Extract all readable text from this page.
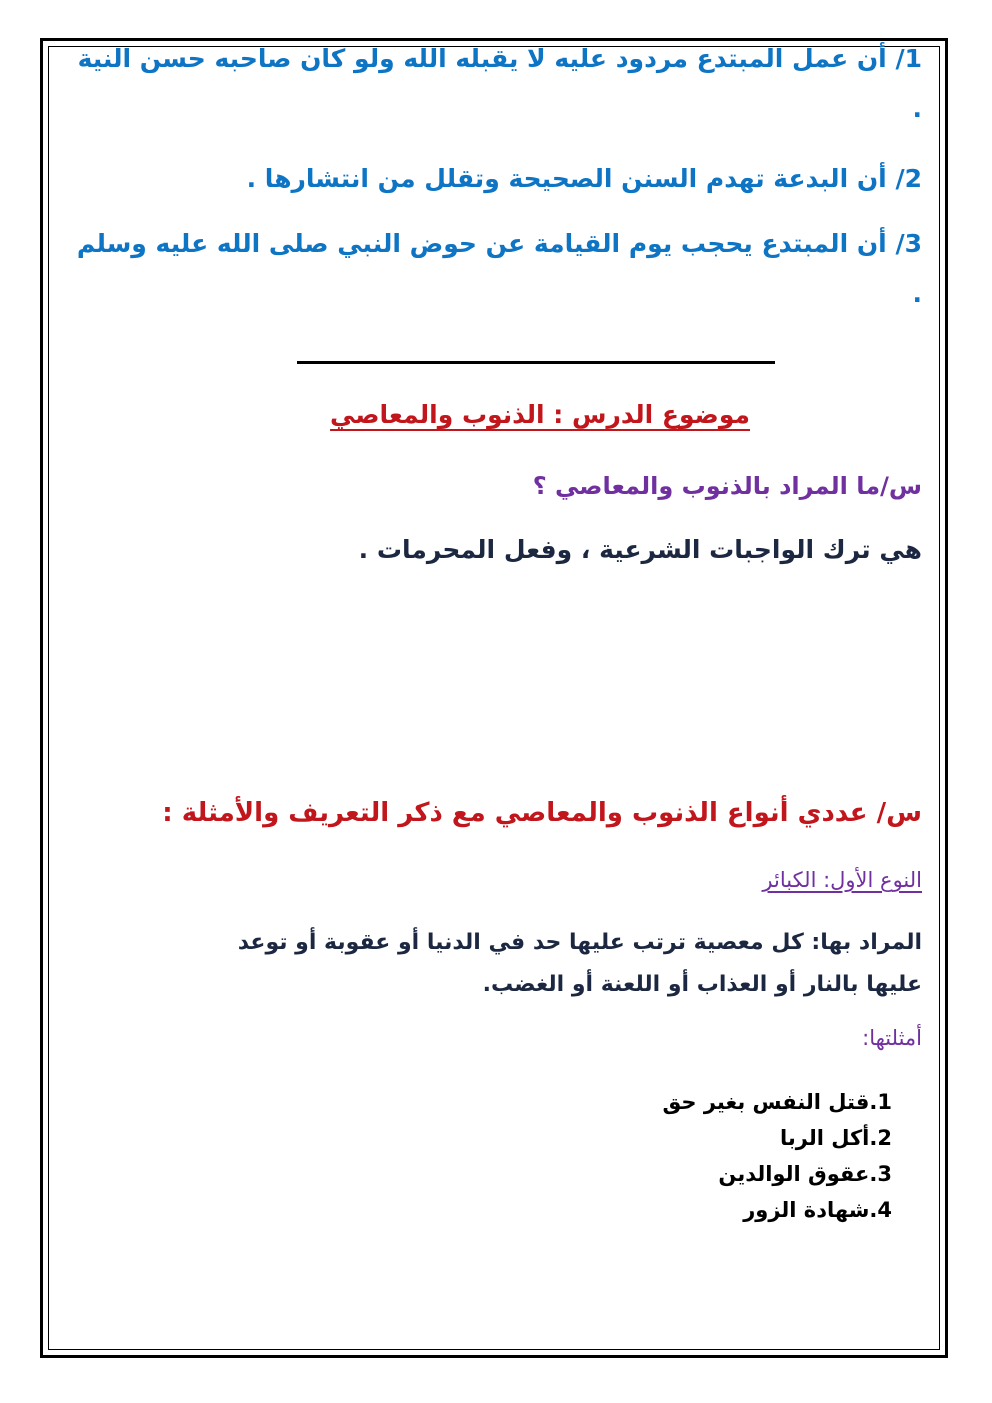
1/ أن عمل المبتدع مردود عليه لا يقبله الله ولو كان صاحبه حسن النية .

2/ أن البدعة تهدم السنن الصحيحة وتقلل من انتشارها .

3/ أن المبتدع يحجب يوم القيامة عن حوض النبي صلى الله عليه وسلم .

موضوع الدرس : الذنوب والمعاصي

س/ما المراد بالذنوب والمعاصي ؟

هي ترك الواجبات الشرعية ، وفعل المحرمات .

س/ عددي أنواع الذنوب والمعاصي مع ذكر التعريف والأمثلة :

النوع الأول: الكبائر

المراد بها: كل معصية ترتب عليها حد في الدنيا أو عقوبة أو توعد عليها بالنار أو العذاب أو اللعنة أو الغضب.

أمثلتها:

1.قتل النفس بغير حق
2.أكل الربا
3.عقوق الوالدين
4.شهادة الزور
